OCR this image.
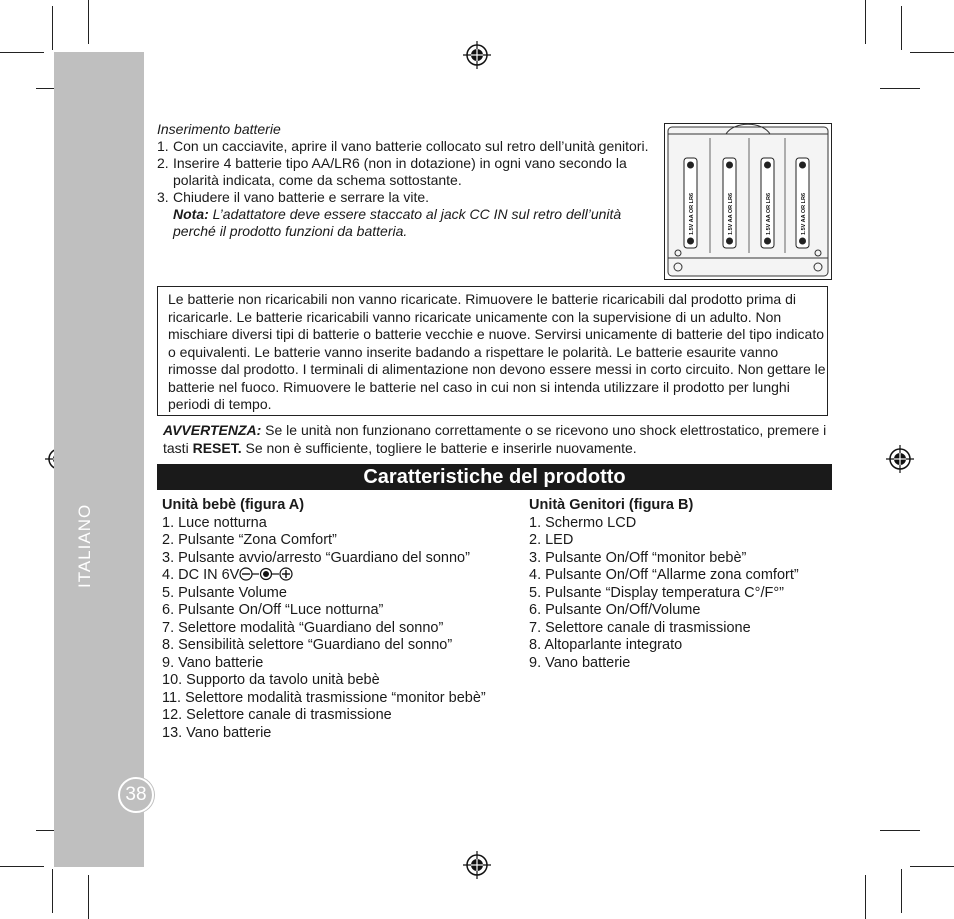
ITALIANO
38
Inserimento batterie
1. Con un cacciavite, aprire il vano batterie collocato sul retro dell’unità genitori.
2. Inserire 4 batterie tipo AA/LR6 (non in dotazione) in ogni vano secondo la polarità indicata, come da schema sottostante.
3. Chiudere il vano batterie e serrare la vite.
Nota: L’adattatore deve essere staccato al jack CC IN sul retro dell’unità perché il prodotto funzioni da batteria.	1.5V AA OR LR6	1.5V AA OR LR6	1.5V AA OR LR6	1.5V AA OR LR6
Le batterie non ricaricabili non vanno ricaricate. Rimuovere le batterie ricaricabili dal prodotto prima di ricaricarle. Le batterie ricaricabili vanno ricaricate unicamente con la supervisione di un adulto. Non mischiare diversi tipi di batterie o batterie vecchie e nuove. Servirsi unicamente di batterie del tipo indicato o equivalenti. Le batterie vanno inserite badando a rispettare le polarità. Le batterie esaurite vanno rimosse dal prodotto. I terminali di alimentazione non devono essere messi in corto circuito. Non gettare le batterie nel fuoco. Rimuovere le batterie nel caso in cui non si intenda utilizzare il prodotto per lunghi periodi di tempo.
AVVERTENZA: Se le unità non funzionano correttamente o se ricevono uno shock elettrostatico, premere i tasti RESET. Se non è sufficiente, togliere le batterie e inserirle nuovamente.
Caratteristiche del prodotto
Unità bebè (figura A)
1. Luce notturna
2. Pulsante “Zona Comfort”
3. Pulsante avvio/arresto “Guardiano del sonno”
4. DC IN 6V
5. Pulsante Volume
6. Pulsante On/Off “Luce notturna”
7. Selettore modalità “Guardiano del sonno”
8. Sensibilità selettore “Guardiano del sonno”
9. Vano batterie
10. Supporto da tavolo unità bebè
11. Selettore modalità trasmissione “monitor bebè”
12. Selettore canale di trasmissione
13. Vano batterie
Unità Genitori (figura B)
1. Schermo LCD
2. LED
3. Pulsante On/Off “monitor bebè”
4. Pulsante On/Off “Allarme zona comfort”
5. Pulsante “Display temperatura C°/F°”
6. Pulsante On/Off/Volume
7. Selettore canale di trasmissione
8. Altoparlante integrato
9. Vano batterie
